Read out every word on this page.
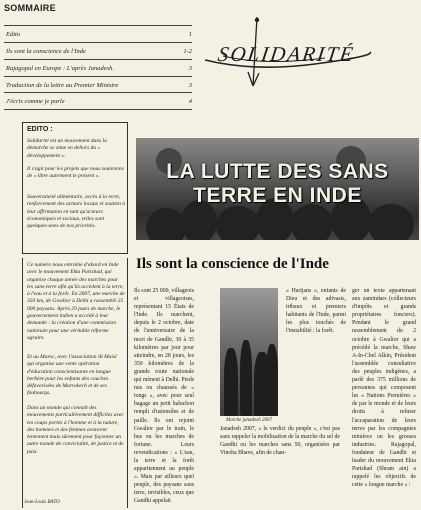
SOMMAIRE
Edito	1
Ils sont la conscience de l'Inde	1-2
Rajagopal en Europe : L'après Janadesh.	3
Traduction de la lettre au Premier Ministre	3
J'écris comme je parle	4
SOLIDARITÉ
EDITO :
Solidarité est un mouvement dans la démarche se situe en dehors du « développement ».
Il s'agit pour les projets que nous soutenons de « libre autrement le présent ».
Souveraineté alimentaire, accès à la terre, renforcement des acteurs locaux et soutien à leur affirmation en tant qu'acteurs économiques et sociaux, telles sont quelques-unes de nos priorités.
Ce numéro nous entraîne d'abord en Inde avec le mouvement Ekta Parishad, qui organise chaque année des marches pour les sans-terre afin qu'ils accèdent à la terre, à l'eau et à la forêt. En 2007, une marche de 350 km, de Gwalior à Delhi a rassemblé 25 000 paysans. Après 29 jours de marche, le gouvernement indien a accédé à leur demande : la création d'une commission nationale pour une véritable réforme agraire.
Et au Maroc, avec l'association Al Maïsl qui organise une vente opération d'éducation conscientisante en langue berbère pour les enfants des couches défavorisées de Marrakech et de ses faubourgs.
Dans un monde qui connaît des mouvements particulièrement difficiles avec les coups portés à l'homme et à la nature, des hommes et des femmes avancent lentement mais sûrement pour façonner un autre monde de convivialité, de justice et de paix.
Jean-Louis BATO
LA LUTTE DES SANS
TERRE EN INDE
Ils sont la conscience de l'Inde
Ils sont 25 000, villageois et villageoises, représentant 15 États de l'Inde. Ils marchent, depuis le 2 octobre, date de l'anniversaire de la mort de Gandhi, 30 à 35 kilomètres par jour pour atteindre, en 28 jours, les 350 kilomètres de la grande route nationale qui mènent à Delhi. Pieds nus ou chaussés de « tongs », avec pour seul bagage un petit baluchon rempli d'ustensiles et de paille. Ils ont rejoint Gwalior par le train, le bus ou les marches de fortune. Leurs revendications : « L'eau, la terre et la forêt appartiennent au peuple ». Mais par ailleurs quel peuple, des paysans sans terre, invisibles, ceux que Gandhi appelait
« Harijans », enfants de Dieu et des adivasis, tribaux et premiers habitants de l'Inde, parmi les plus touchés de l'instabilité : la forêt.
Janadesh 2007, « le verdict du peuple », c'est pas sans rappeler la mobilisation de la marche du sel de Gandhi ou les marches sans 50, organisées par Vinoba Bhave, afin de chan-
ger un texte appartenant aux zamindars (collecteurs d'impôts et grands propriétaires fonciers). Pendant le grand rassemblement du 2 octobre à Gwalior qui a précédé la marche, Shaw A-In-Chel Alkin, Président l'assemblée consultative des peuples indigènes, a parlé des 375 millions de personnes qui composent les « Nations Premières » de par le monde et de leurs droits à refuser l'accaparation de leurs terres par les compagnies minières ou les grosses industries. Rajagopal, fondateur de Gandhi et leader du mouvement Ekta Parishad (Shram ain) a rappelé les objectifs de cette « longue marche » :
Marche janadesh 2007
